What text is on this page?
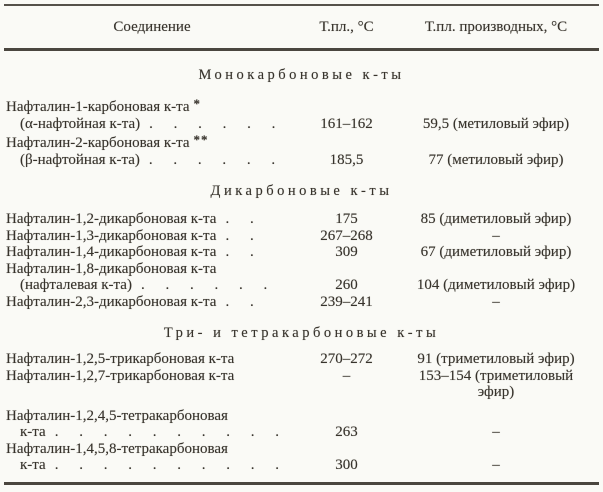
Соединение	Т.пл., °С	Т.пл. производных, °С
Монокарбоновые к-ты
Нафталин-1-карбоновая к-та *
(α-нафтойная к-та) . . . . . .	161–162	59,5 (метиловый эфир)
Нафталин-2-карбоновая к-та **
(β-нафтойная к-та) . . . . . .	185,5	77 (метиловый эфир)
Дикарбоновые к-ты
Нафталин-1,2-дикарбоновая к-та . .	175	85 (диметиловый эфир)
Нафталин-1,3-дикарбоновая к-та . .	267–268	–
Нафталин-1,4-дикарбоновая к-та . .	309	67 (диметиловый эфир)
Нафталин-1,8-дикарбоновая к-та
(нафталевая к-та) . . . . . .	260	104 (диметиловый эфир)
Нафталин-2,3-дикарбоновая к-та . .	239–241	–
Три- и тетракарбоновые к-ты
Нафталин-1,2,5-трикарбоновая к-та	270–272	91 (триметиловый эфир)
Нафталин-1,2,7-трикарбоновая к-та	–	153–154 (триметиловый эфир)
Нафталин-1,2,4,5-тетракарбоновая
к-та . . . . . . . . . .	263	–
Нафталин-1,4,5,8-тетракарбоновая
к-та . . . . . . . . . .	300	–
